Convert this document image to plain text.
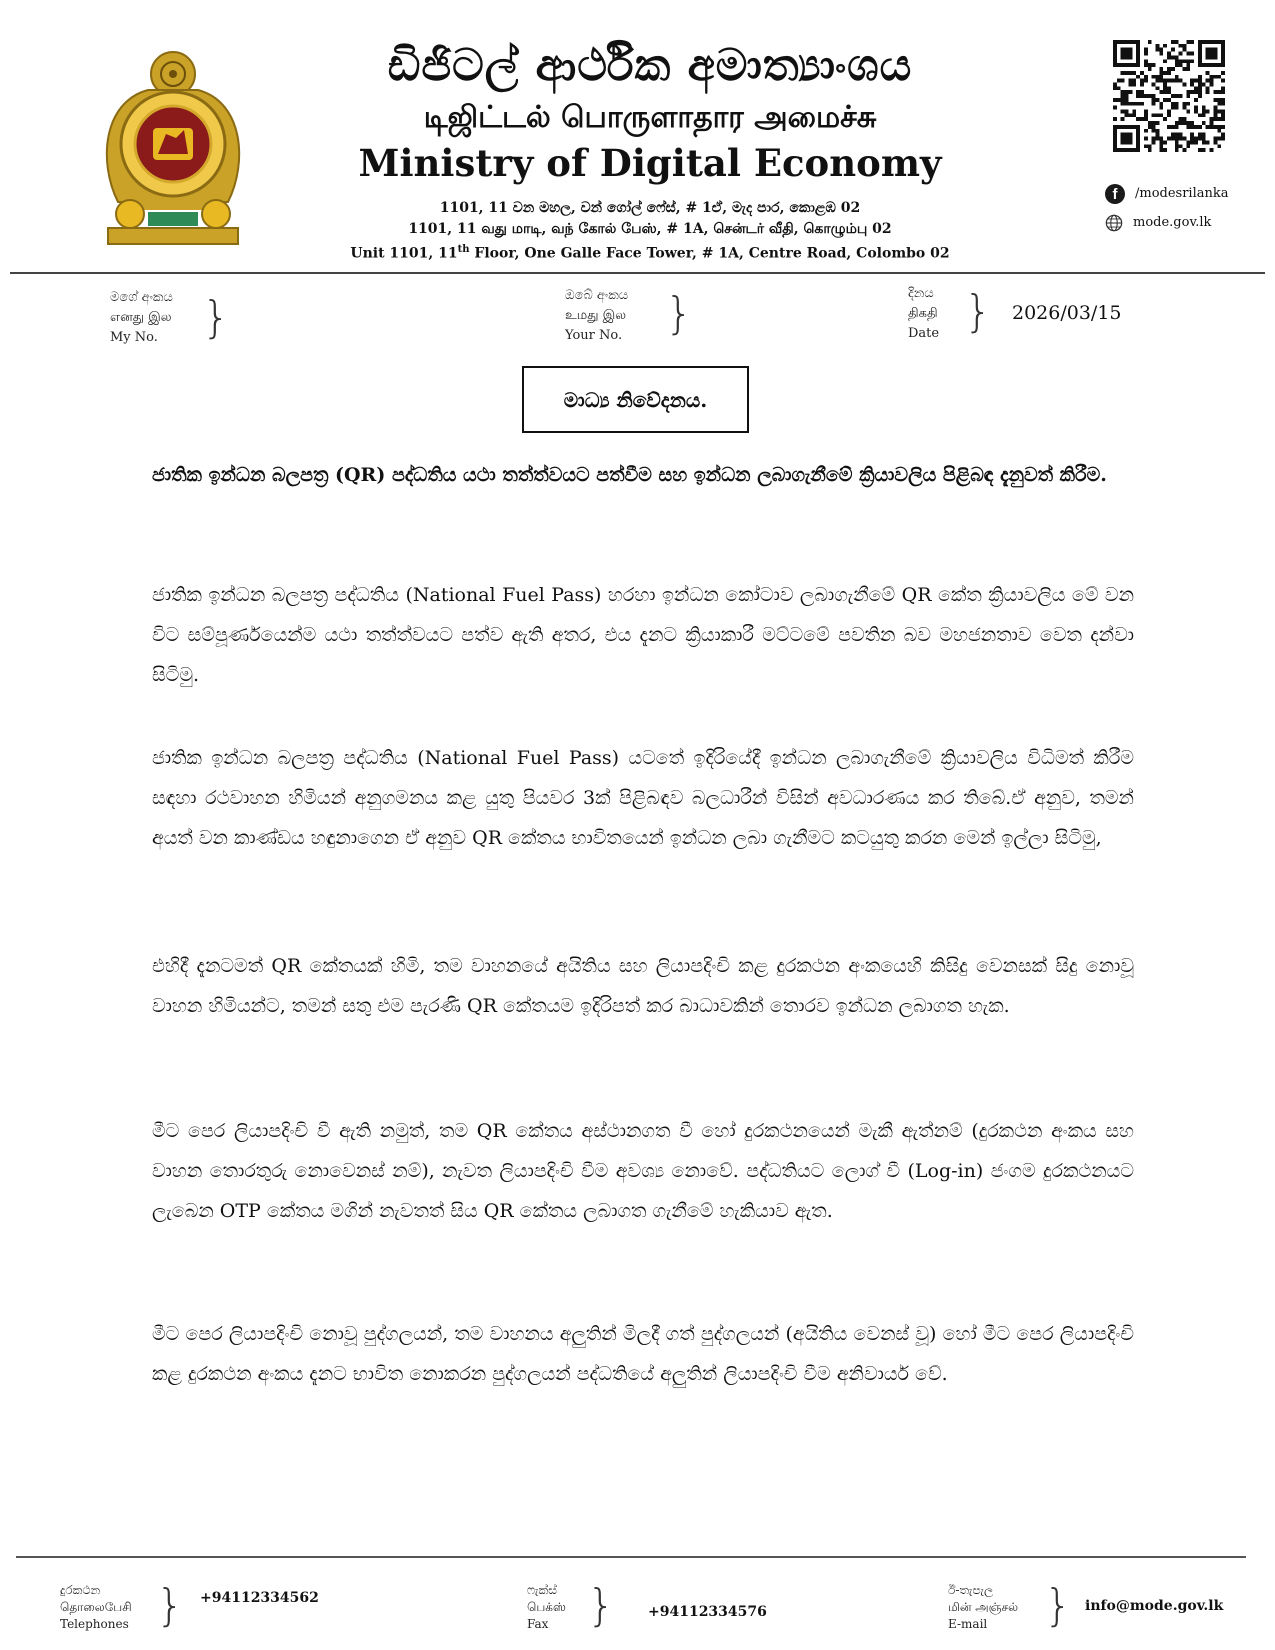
ඩිජිටල් ආර්ථික අමාත්‍යාංශය
டிஜிட்டல் பொருளாதார அமைச்சு
Ministry of Digital Economy
1101, 11 වන මහල, වන් ගෝල් ෆේස්, # 1ඒ, මැද පාර, කොළඹ 02
1101, 11 வது மாடி, வந் கோல் பேஸ், # 1A, சென்டர் வீதி, கொழும்பு 02
Unit 1101, 11th Floor, One Galle Face Tower, # 1A, Centre Road, Colombo 02
f	/modesrilanka
mode.gov.lk
මගේ අංකය
எனது இல
My No.	}	ඔබේ අංකය
உமது இல
Your No. }	දිනය
திகதி
Date } 2026/03/15
මාධ්‍ය නිවේදනය.
ජාතික ඉන්ධන බලපත්‍ර (QR) පද්ධතිය යථා තත්ත්වයට පත්වීම සහ ඉන්ධන ලබාගැනීමේ ක්‍රියාවලිය පිළිබඳ දැනුවත් කිරීම.
ජාතික ඉන්ධන බලපත්‍ර පද්ධතිය (National Fuel Pass) හරහා ඉන්ධන කෝටාව ලබාගැනීමේ QR කේත ක්‍රියාවලිය මේ වන විට සම්පූර්ණයෙන්ම යථා තත්ත්වයට පත්ව ඇති අතර, එය දැනට ක්‍රියාකාරී මට්ටමේ පවතින බව මහජනතාව වෙත දන්වා සිටිමු.
ජාතික ඉන්ධන බලපත්‍ර පද්ධතිය (National Fuel Pass) යටතේ ඉදිරියේදී ඉන්ධන ලබාගැනීමේ ක්‍රියාවලිය විධිමත් කිරීම සඳහා රථවාහන හිමියන් අනුගමනය කළ යුතු පියවර 3ක් පිළිබඳව බලධාරීන් විසින් අවධාරණය කර තිබේ.ඒ අනුව, තමන් අයත් වන කාණ්ඩය හඳුනාගෙන ඒ අනුව QR කේතය භාවිතයෙන් ඉන්ධන ලබා ගැනීමට කටයුතු කරන මෙන් ඉල්ලා සිටිමු,
එහිදී දැනටමත් QR කේතයක් හිමි, තම වාහනයේ අයිතිය සහ ලියාපදිංචි කළ දුරකථන අංකයෙහි කිසිදු වෙනසක් සිදු නොවූ වාහන හිමියන්ට, තමන් සතු එම පැරණි QR කේතයම ඉදිරිපත් කර බාධාවකින් තොරව ඉන්ධන ලබාගත හැක.
මීට පෙර ලියාපදිංචි වී ඇති නමුත්, තම QR කේතය අස්ථානගත වී හෝ දුරකථනයෙන් මැකී ඇත්නම් (දුරකථන අංකය සහ වාහන තොරතුරු නොවෙනස් නම්), නැවත ලියාපදිංචි වීම අවශ්‍ය නොවේ. පද්ධතියට ලොග් වී (Log-in) ජංගම දුරකථනයට ලැබෙන OTP කේතය මගින් නැවතත් සිය QR කේතය ලබාගත ගැනීමේ හැකියාව ඇත.
මීට පෙර ලියාපදිංචි නොවූ පුද්ගලයන්, තම වාහනය අලුතින් මිලදී ගත් පුද්ගලයන් (අයිතිය වෙනස් වූ) හෝ මීට පෙර ලියාපදිංචි කළ දුරකථන අංකය දැනට භාවිත නොකරන පුද්ගලයන් පද්ධතියේ අලුතින් ලියාපදිංචි වීම අනිවාර්ය වේ.
දුරකථන
தொலைபேசி
Telephones } +94112334562	ෆැක්ස්
பெக்ஸ்
Fax } +94112334576
ඊ-තැපැල
மின் அஞ்சல்
E-mail	} info@mode.gov.lk
